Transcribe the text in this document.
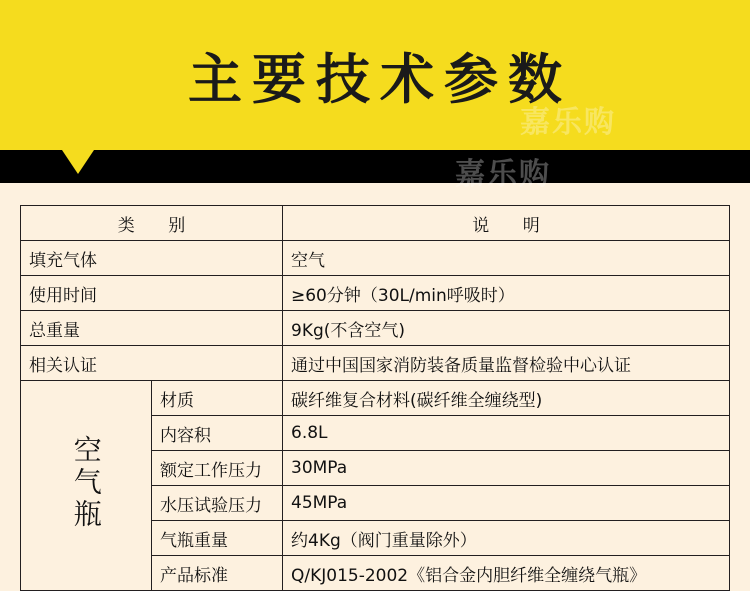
主要技术参数
嘉乐购
嘉乐购
类 别		说 明
填充气体		空气
使用时间		≥60分钟（30L/min呼吸时）
总重量		9Kg(不含空气)
相关认证		通过中国国家消防装备质量监督检验中心认证
空气瓶	材质	碳纤维复合材料(碳纤维全缠绕型)
	内容积	6.8L
	额定工作压力	30MPa
	水压试验压力	45MPa
	气瓶重量	约4Kg（阀门重量除外）
	产品标准	Q/KJ015-2002《铝合金内胆纤维全缠绕气瓶》
